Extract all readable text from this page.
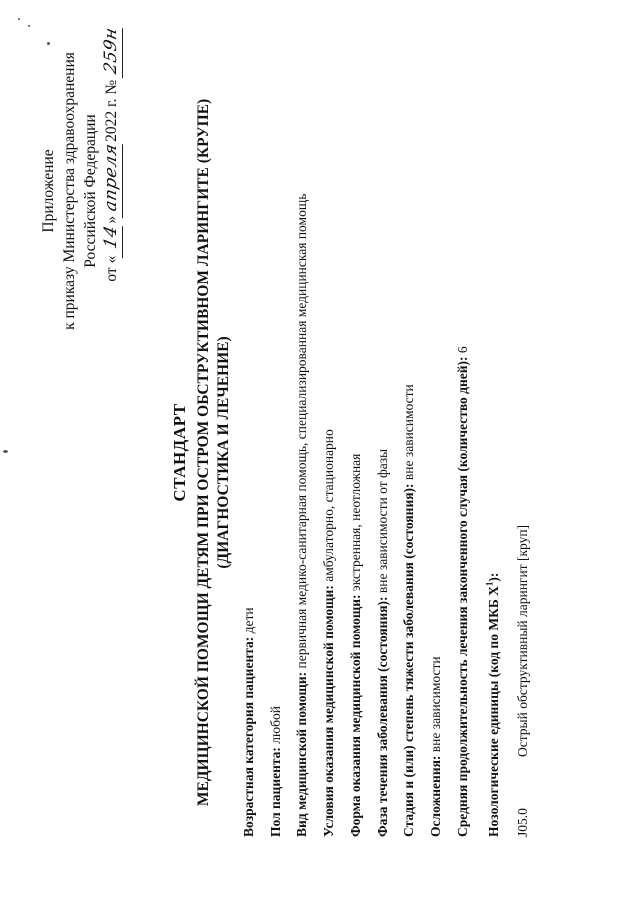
Приложение к приказу Министерства здравоохранения Российской Федерации
от «14»апреля2022 г. № 259н
СТАНДАРТ МЕДИЦИНСКОЙ ПОМОЩИ ДЕТЯМ ПРИ ОСТРОМ ОБСТРУКТИВНОМ ЛАРИНГИТЕ (КРУПЕ) (ДИАГНОСТИКА И ЛЕЧЕНИЕ)
Возрастная категория пациента: дети
Пол пациента: любой Вид медицинской помощи: первичная медико-санитарная помощь, специализированная медицинская помощь
Условия оказания медицинской помощи: амбулаторно, стационарно
Форма оказания медицинской помощи: экстренная, неотложная
Фаза течения заболевания (состояния): вне зависимости от фазы Стадия и (или) степень тяжести заболевания (состояния): вне зависимости
Осложнения: вне зависимости Средняя продолжительность лечения законченного случая (количество дней): 6
Нозологические единицы (код по МКБ $X^1$):
J05.0Острый обструктивный ларингит [круп]
